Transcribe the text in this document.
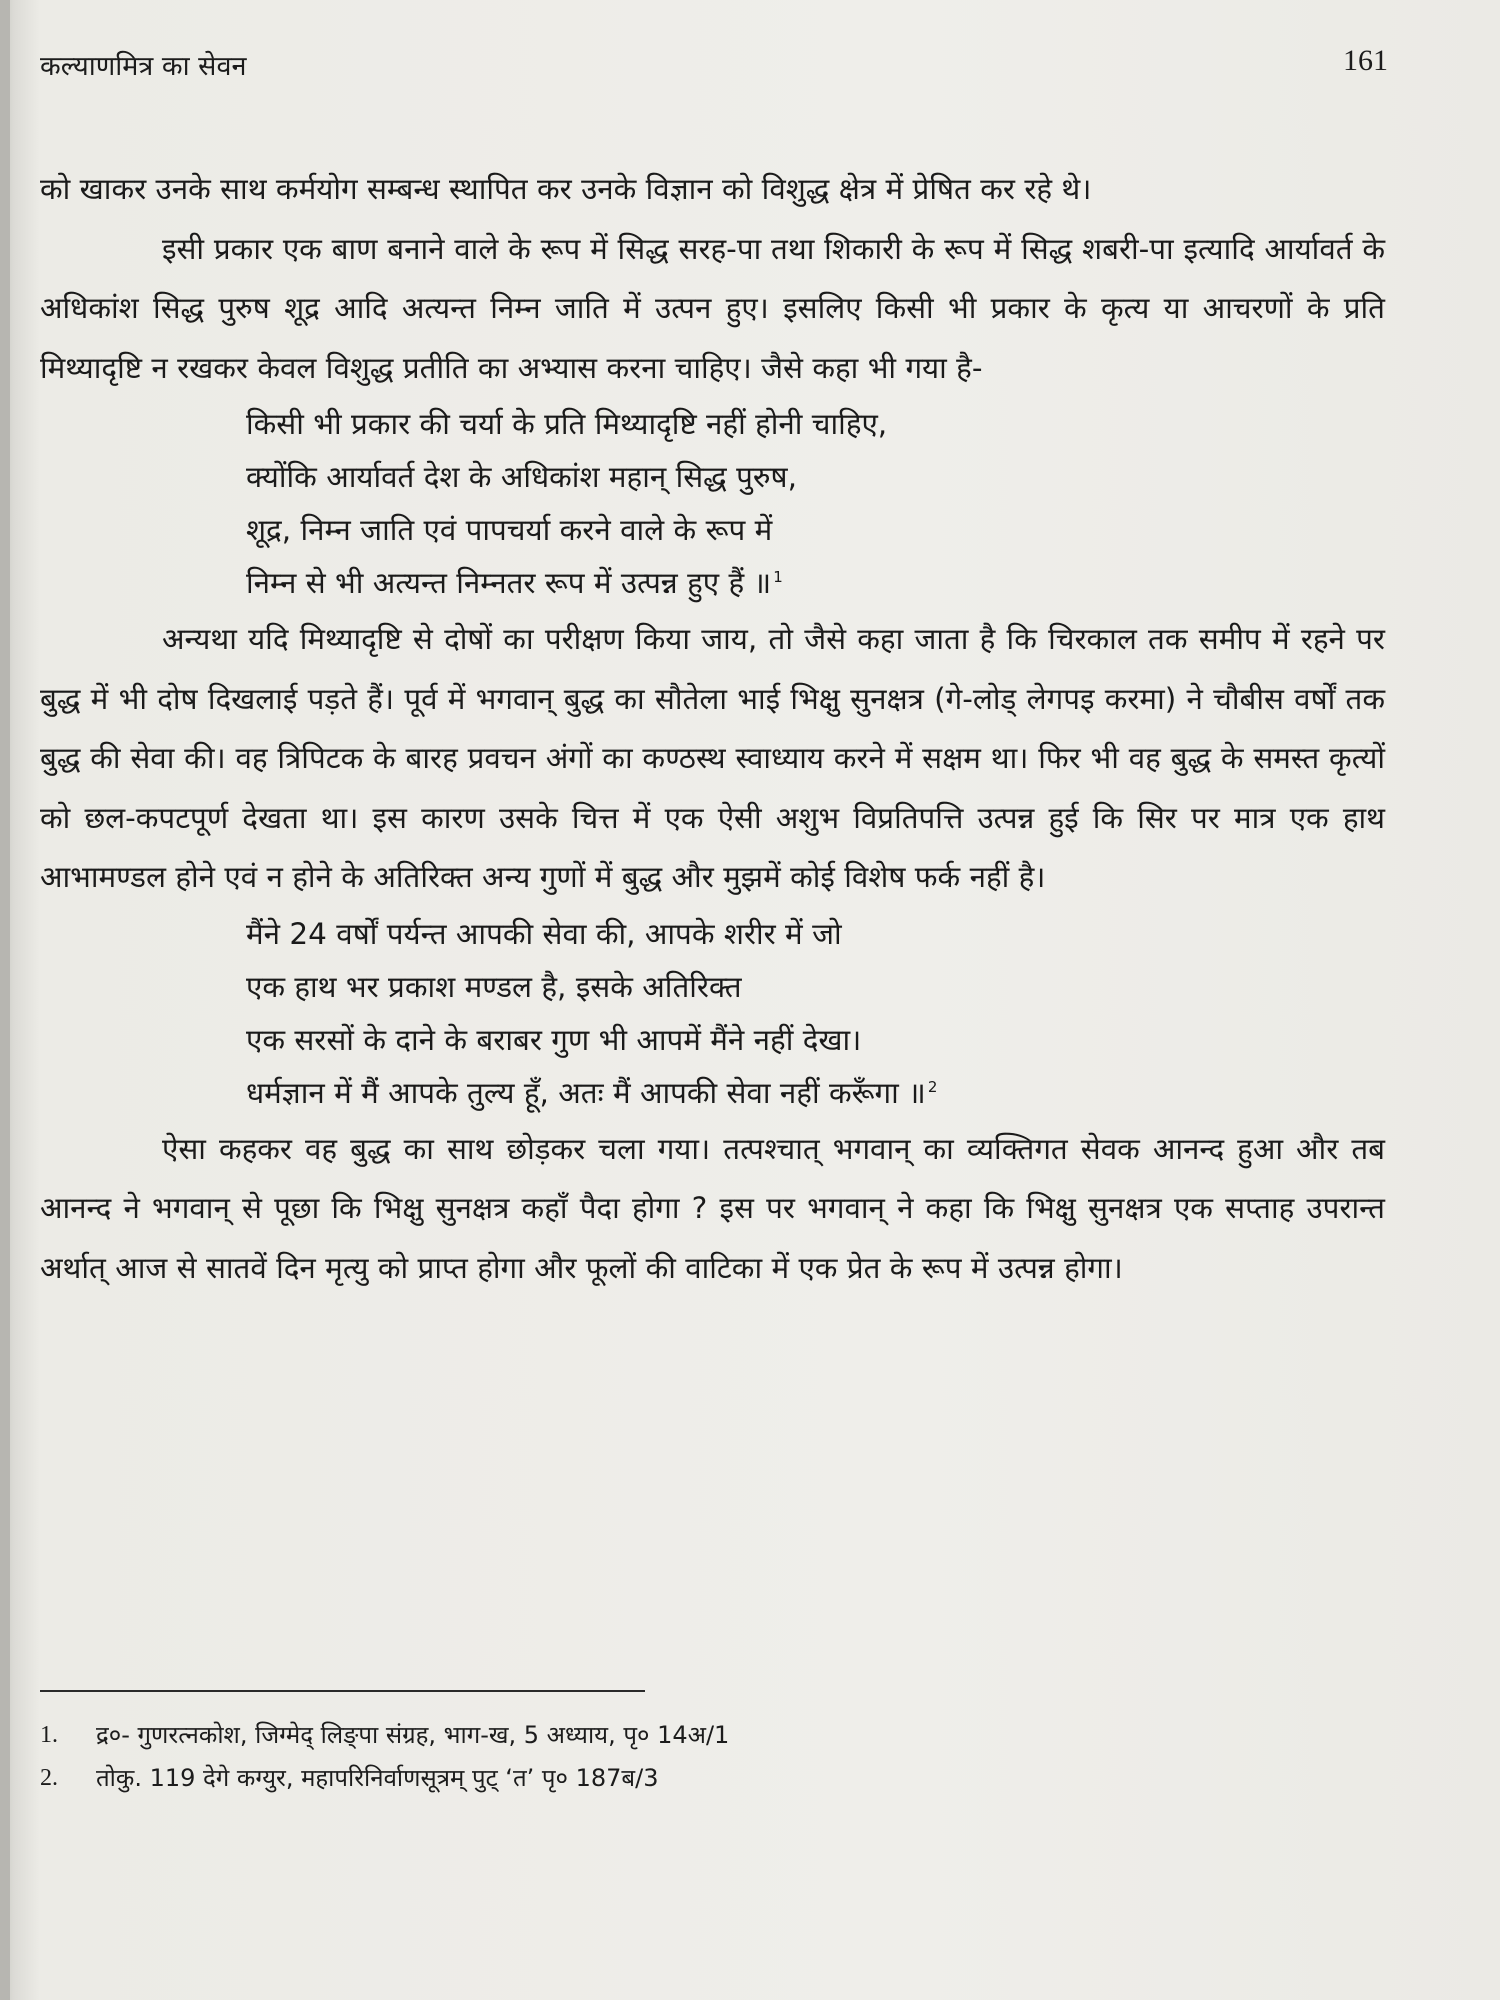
कल्याणमित्र का सेवन	161

को खाकर उनके साथ कर्मयोग सम्बन्ध स्थापित कर उनके विज्ञान को विशुद्ध क्षेत्र में प्रेषित कर रहे थे।

इसी प्रकार एक बाण बनाने वाले के रूप में सिद्ध सरह-पा तथा शिकारी के रूप में सिद्ध शबरी-पा इत्यादि आर्यावर्त के अधिकांश सिद्ध पुरुष शूद्र आदि अत्यन्त निम्न जाति में उत्पन हुए। इसलिए किसी भी प्रकार के कृत्य या आचरणों के प्रति मिथ्यादृष्टि न रखकर केवल विशुद्ध प्रतीति का अभ्यास करना चाहिए। जैसे कहा भी गया है-

किसी भी प्रकार की चर्या के प्रति मिथ्यादृष्टि नहीं होनी चाहिए,
क्योंकि आर्यावर्त देश के अधिकांश महान् सिद्ध पुरुष,
शूद्र, निम्न जाति एवं पापचर्या करने वाले के रूप में
निम्न से भी अत्यन्त निम्नतर रूप में उत्पन्न हुए हैं ॥ $^1$

अन्यथा यदि मिथ्यादृष्टि से दोषों का परीक्षण किया जाय, तो जैसे कहा जाता है कि चिरकाल तक समीप में रहने पर बुद्ध में भी दोष दिखलाई पड़ते हैं। पूर्व में भगवान् बुद्ध का सौतेला भाई भिक्षु सुनक्षत्र (गे-लोड् लेगपइ करमा) ने चौबीस वर्षों तक बुद्ध की सेवा की। वह त्रिपिटक के बारह प्रवचन अंगों का कण्ठस्थ स्वाध्याय करने में सक्षम था। फिर भी वह बुद्ध के समस्त कृत्यों को छल-कपटपूर्ण देखता था। इस कारण उसके चित्त में एक ऐसी अशुभ विप्रतिपत्ति उत्पन्न हुई कि सिर पर मात्र एक हाथ आभामण्डल होने एवं न होने के अतिरिक्त अन्य गुणों में बुद्ध और मुझमें कोई विशेष फर्क नहीं है।

मैंने 24 वर्षों पर्यन्त आपकी सेवा की, आपके शरीर में जो
एक हाथ भर प्रकाश मण्डल है, इसके अतिरिक्त
एक सरसों के दाने के बराबर गुण भी आपमें मैंने नहीं देखा।
धर्मज्ञान में मैं आपके तुल्य हूँ, अतः मैं आपकी सेवा नहीं करूँगा ॥ $^2$

ऐसा कहकर वह बुद्ध का साथ छोड़कर चला गया। तत्पश्चात् भगवान् का व्यक्तिगत सेवक आनन्द हुआ और तब आनन्द ने भगवान् से पूछा कि भिक्षु सुनक्षत्र कहाँ पैदा होगा ? इस पर भगवान् ने कहा कि भिक्षु सुनक्षत्र एक सप्ताह उपरान्त अर्थात् आज से सातवें दिन मृत्यु को प्राप्त होगा और फूलों की वाटिका में एक प्रेत के रूप में उत्पन्न होगा।

1.	द्र०- गुणरत्नकोश, जिग्मेद् लिङ्पा संग्रह, भाग-ख, 5 अध्याय, पृ० 14अ/1
2.	तोकु. 119 देगे कग्युर, महापरिनिर्वाणसूत्रम् पुट् ‘त’ पृ० 187ब/3
